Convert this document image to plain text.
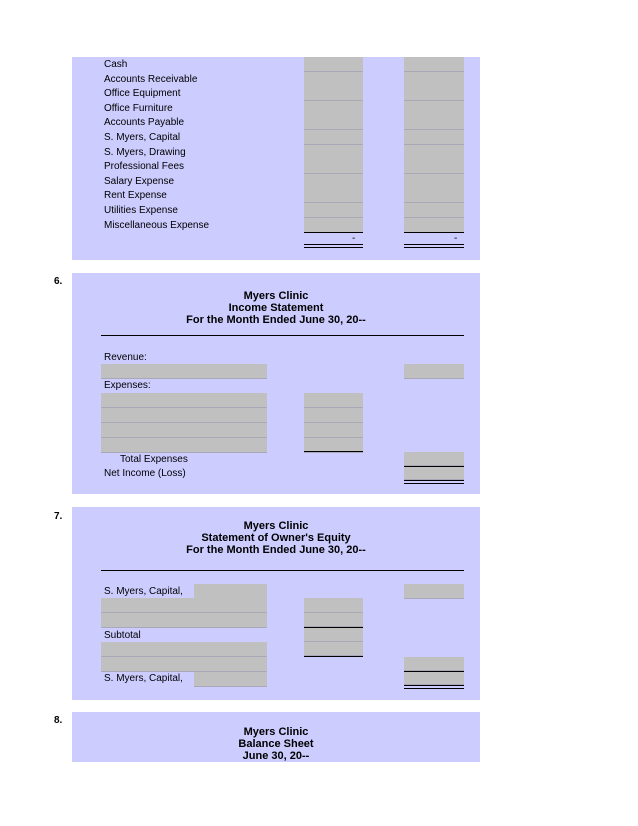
Cash
Accounts Receivable
Office Equipment
Office Furniture
Accounts Payable
S. Myers, Capital
S. Myers, Drawing
Professional Fees
Salary Expense
Rent Expense
Utilities Expense
Miscellaneous Expense
-	-
6.
Myers Clinic
Income Statement
For the Month Ended June 30, 20--
Revenue:
Expenses:
Total Expenses
Net Income (Loss)
7.
Myers Clinic
Statement of Owner's Equity
For the Month Ended June 30, 20--
S. Myers, Capital,
Subtotal
S. Myers, Capital,
8.
Myers Clinic
Balance Sheet
June 30, 20--
